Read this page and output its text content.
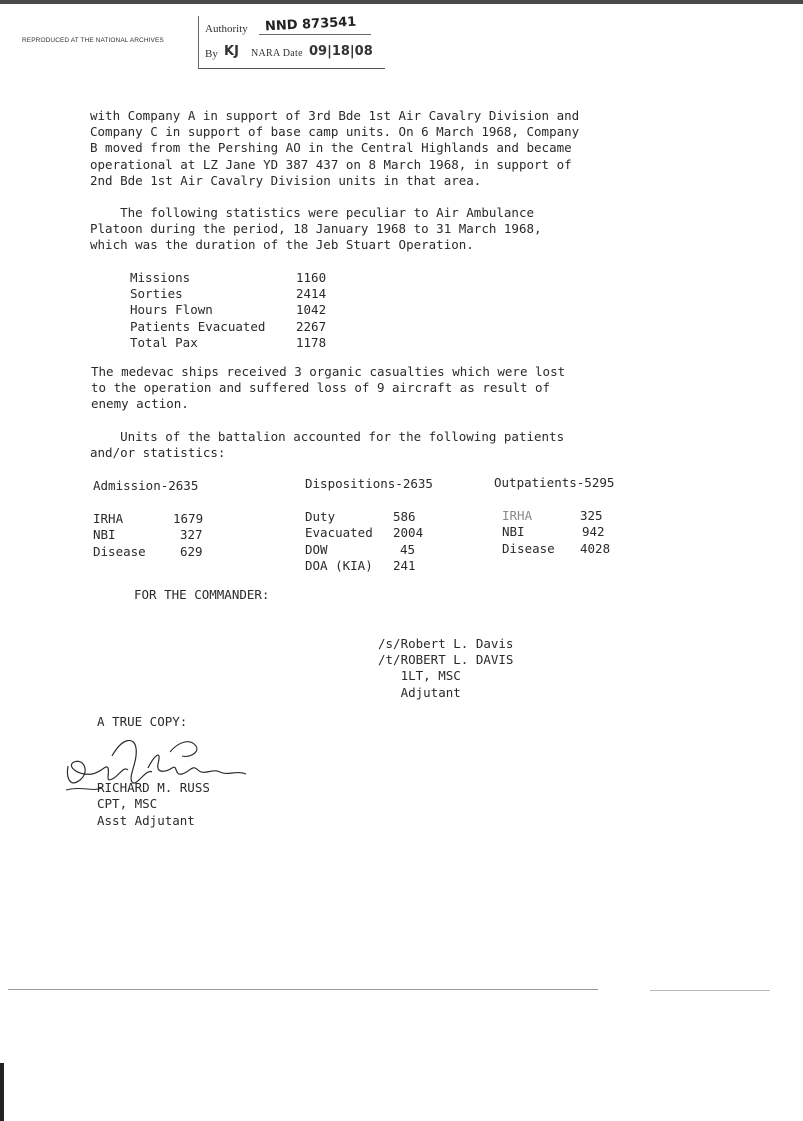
REPRODUCED AT THE NATIONAL ARCHIVES
Authority NND 873541
By KJ NARA Date 09|18|08
with Company A in support of 3rd Bde 1st Air Cavalry Division and
Company C in support of base camp units. On 6 March 1968, Company
B moved from the Pershing AO in the Central Highlands and became
operational at LZ Jane YD 387 437 on 8 March 1968, in support of
2nd Bde 1st Air Cavalry Division units in that area.
The following statistics were peculiar to Air Ambulance
Platoon during the period, 18 January 1968 to 31 March 1968,
which was the duration of the Jeb Stuart Operation.
Missions	1160
Sorties	2414
Hours Flown	1042
Patients Evacuated 2267
Total Pax	1178
The medevac ships received 3 organic casualties which were lost
to the operation and suffered loss of 9 aircraft as result of
enemy action.
Units of the battalion accounted for the following patients
and/or statistics:
Admission-2635
IRHA	1679
NBI	327
Disease	629
Dispositions-2635
Duty	586
Evacuated 2004
DOW	45
DOA (KIA) 241
Outpatients-5295
IRHA	325
NBI	942
Disease 4028
FOR THE COMMANDER:
/s/Robert L. Davis
/t/ROBERT L. DAVIS
1LT, MSC
Adjutant
A TRUE COPY:
RICHARD M. RUSS
CPT, MSC
Asst Adjutant
